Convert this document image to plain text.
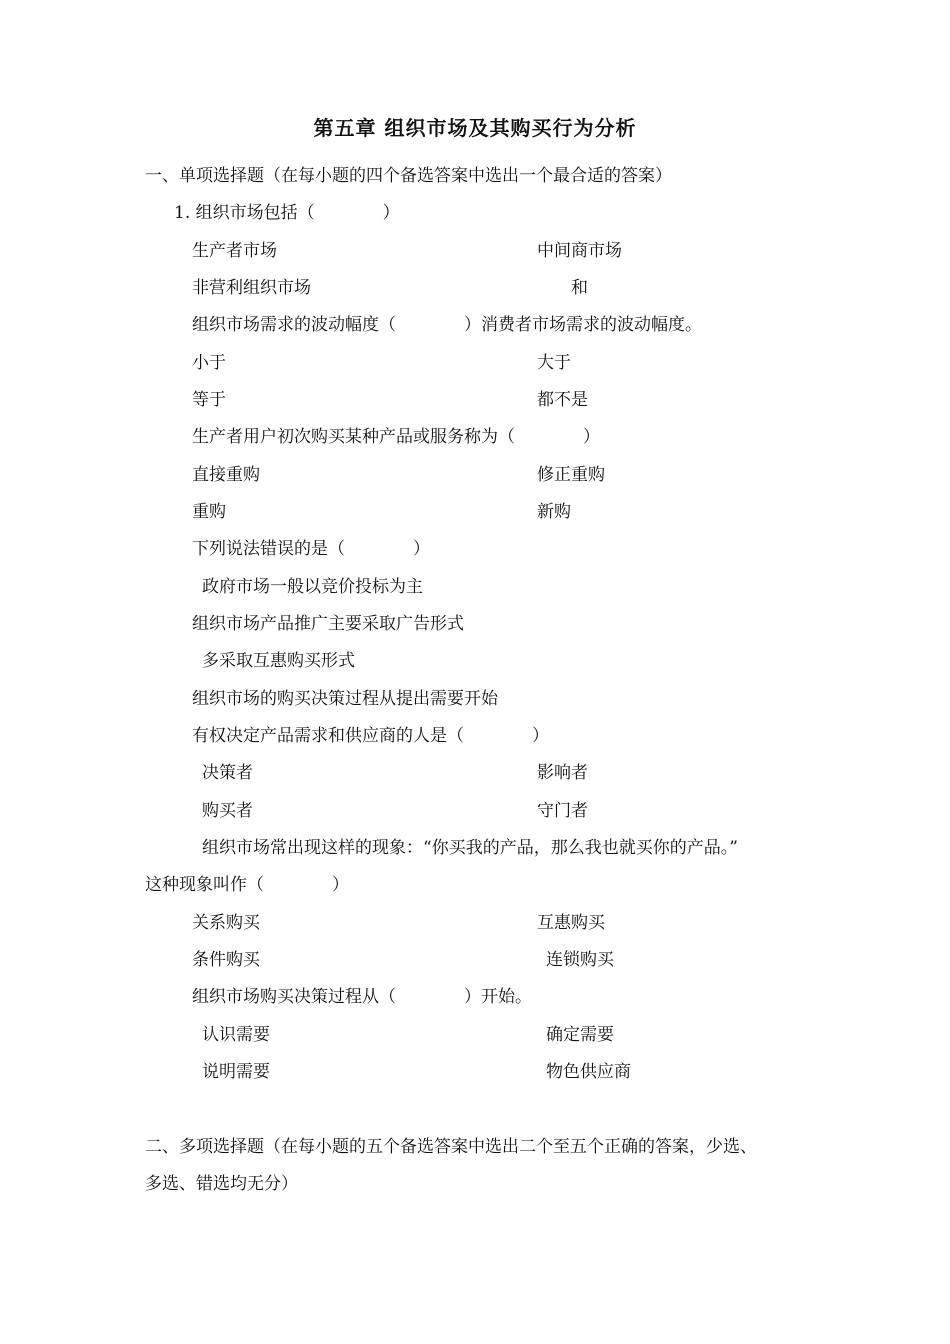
第五章 组织市场及其购买行为分析
一、单项选择题（在每小题的四个备选答案中选出一个最合适的答案）
1. 组织市场包括（　　　　）
生产者市场	中间商市场
非营利组织市场	和
组织市场需求的波动幅度（　　　　）消费者市场需求的波动幅度。
小于	大于
等于	都不是
生产者用户初次购买某种产品或服务称为（　　　　）
直接重购	修正重购
重购	新购
下列说法错误的是（　　　　）
政府市场一般以竞价投标为主
组织市场产品推广主要采取广告形式
多采取互惠购买形式
组织市场的购买决策过程从提出需要开始
有权决定产品需求和供应商的人是（　　　　）
决策者	影响者
购买者	守门者
组织市场常出现这样的现象：“你买我的产品，那么我也就买你的产品。”
这种现象叫作（　　　　）
关系购买	互惠购买
条件购买	连锁购买
组织市场购买决策过程从（　　　　）开始。
认识需要	确定需要
说明需要	物色供应商
二、多项选择题（在每小题的五个备选答案中选出二个至五个正确的答案，少选、
多选、错选均无分）
